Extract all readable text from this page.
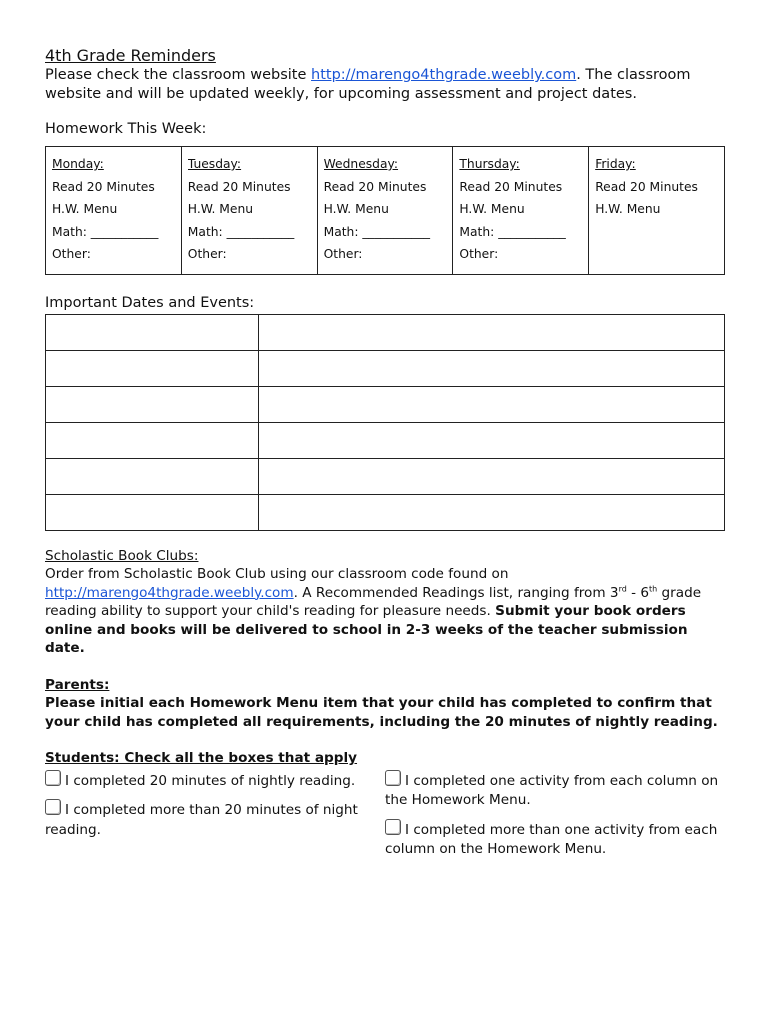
4th Grade Reminders

Please check the classroom website http://marengo4thgrade.weebly.com. The classroom website and will be updated weekly, for upcoming assessment and project dates.

Homework This Week:

Monday:
Read 20 Minutes
H.W. Menu
Math: ___________
Other:

Tuesday:
Read 20 Minutes
H.W. Menu
Math: ___________
Other:

Wednesday:
Read 20 Minutes
H.W. Menu
Math: ___________
Other:

Thursday:
Read 20 Minutes
H.W. Menu
Math: ___________
Other:

Friday:
Read 20 Minutes
H.W. Menu

Important Dates and Events:

Scholastic Book Clubs:

Order from Scholastic Book Club using our classroom code found on
http://marengo4thgrade.weebly.com. A Recommended Readings list, ranging from 3rd - 6th grade reading ability to support your child's reading for pleasure needs. Submit your book orders online and books will be delivered to school in 2-3 weeks of the teacher submission date.

Parents:

Please initial each Homework Menu item that your child has completed to confirm that your child has completed all requirements, including the 20 minutes of nightly reading.

Students: Check all the boxes that apply

I completed 20 minutes of nightly reading.

I completed more than 20 minutes of night reading.

I completed one activity from each column on the Homework Menu.

I completed more than one activity from each column on the Homework Menu.
